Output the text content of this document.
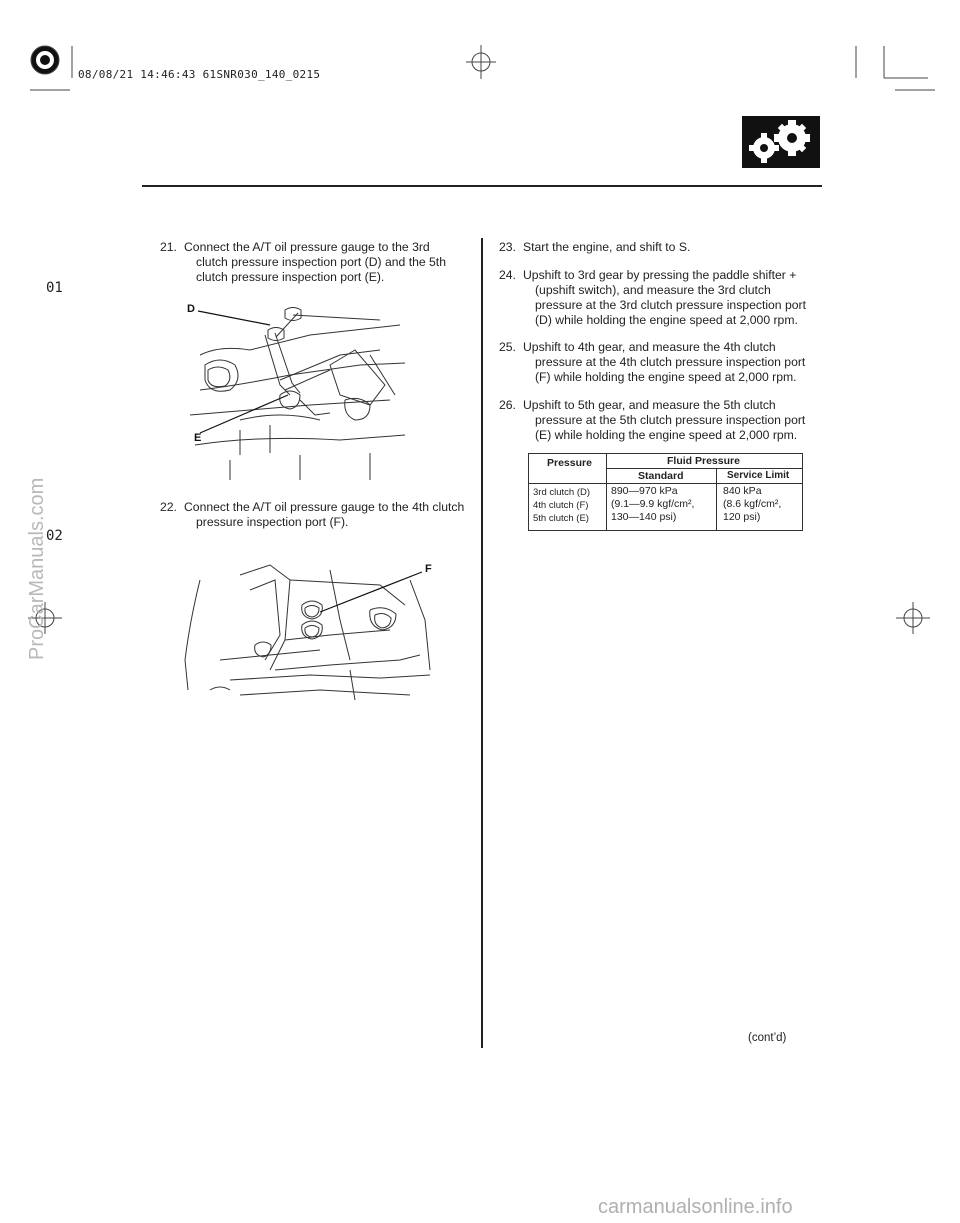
08/08/21 14:46:43 61SNR030_140_0215
01
02
21. Connect the A/T oil pressure gauge to the 3rd
clutch pressure inspection port (D) and the 5th
clutch pressure inspection port (E).
D
E
22. Connect the A/T oil pressure gauge to the 4th clutch
pressure inspection port (F).
F
23. Start the engine, and shift to S.
24. Upshift to 3rd gear by pressing the paddle shifter +
(upshift switch), and measure the 3rd clutch
pressure at the 3rd clutch pressure inspection port
(D) while holding the engine speed at 2,000 rpm.
25. Upshift to 4th gear, and measure the 4th clutch
pressure at the 4th clutch pressure inspection port
(F) while holding the engine speed at 2,000 rpm.
26. Upshift to 5th gear, and measure the 5th clutch
pressure at the 5th clutch pressure inspection port
(E) while holding the engine speed at 2,000 rpm.
Pressure	Fluid Pressure
Standard	Service Limit
3rd clutch (D)
4th clutch (F)
5th clutch (E)
890—970 kPa
(9.1—9.9 kgf/cm²,
130—140 psi)
840 kPa
(8.6 kgf/cm²,
120 psi)
(cont’d)
ProCarManuals.com
carmanualsonline.info
